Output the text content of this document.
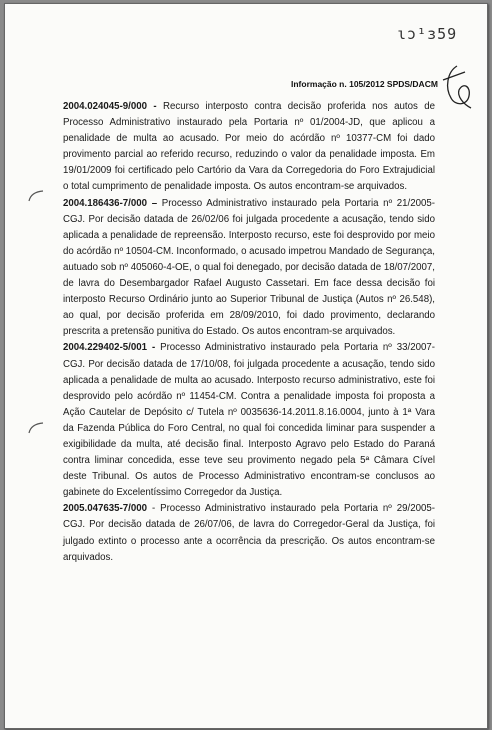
ɩɔ¹ɜ59
Informação n. 105/2012 SPDS/DACM

2004.024045-9/000 - Recurso interposto contra decisão proferida nos autos de Processo Administrativo instaurado pela Portaria nº 01/2004-JD, que aplicou a penalidade de multa ao acusado. Por meio do acórdão nº 10377-CM foi dado provimento parcial ao referido recurso, reduzindo o valor da penalidade imposta. Em 19/01/2009 foi certificado pelo Cartório da Vara da Corregedoria do Foro Extrajudicial o total cumprimento de penalidade imposta. Os autos encontram-se arquivados.

2004.186436-7/000 – Processo Administrativo instaurado pela Portaria nº 21/2005-CGJ. Por decisão datada de 26/02/06 foi julgada procedente a acusação, tendo sido aplicada a penalidade de repreensão. Interposto recurso, este foi desprovido por meio do acórdão nº 10504-CM. Inconformado, o acusado impetrou Mandado de Segurança, autuado sob nº 405060-4-OE, o qual foi denegado, por decisão datada de 18/07/2007, de lavra do Desembargador Rafael Augusto Cassetari. Em face dessa decisão foi interposto Recurso Ordinário junto ao Superior Tribunal de Justiça (Autos nº 26.548), ao qual, por decisão proferida em 28/09/2010, foi dado provimento, declarando prescrita a pretensão punitiva do Estado. Os autos encontram-se arquivados.

2004.229402-5/001 - Processo Administrativo instaurado pela Portaria nº 33/2007-CGJ. Por decisão datada de 17/10/08, foi julgada procedente a acusação, tendo sido aplicada a penalidade de multa ao acusado. Interposto recurso administrativo, este foi desprovido pelo acórdão nº 11454-CM. Contra a penalidade imposta foi proposta a Ação Cautelar de Depósito c/ Tutela nº 0035636-14.2011.8.16.0004, junto à 1ª Vara da Fazenda Pública do Foro Central, no qual foi concedida liminar para suspender a exigibilidade da multa, até decisão final. Interposto Agravo pelo Estado do Paraná contra liminar concedida, esse teve seu provimento negado pela 5ª Câmara Cível deste Tribunal. Os autos de Processo Administrativo encontram-se conclusos ao gabinete do Excelentíssimo Corregedor da Justiça.

2005.047635-7/000 - Processo Administrativo instaurado pela Portaria nº 29/2005-CGJ. Por decisão datada de 26/07/06, de lavra do Corregedor-Geral da Justiça, foi julgado extinto o processo ante a ocorrência da prescrição. Os autos encontram-se arquivados.
